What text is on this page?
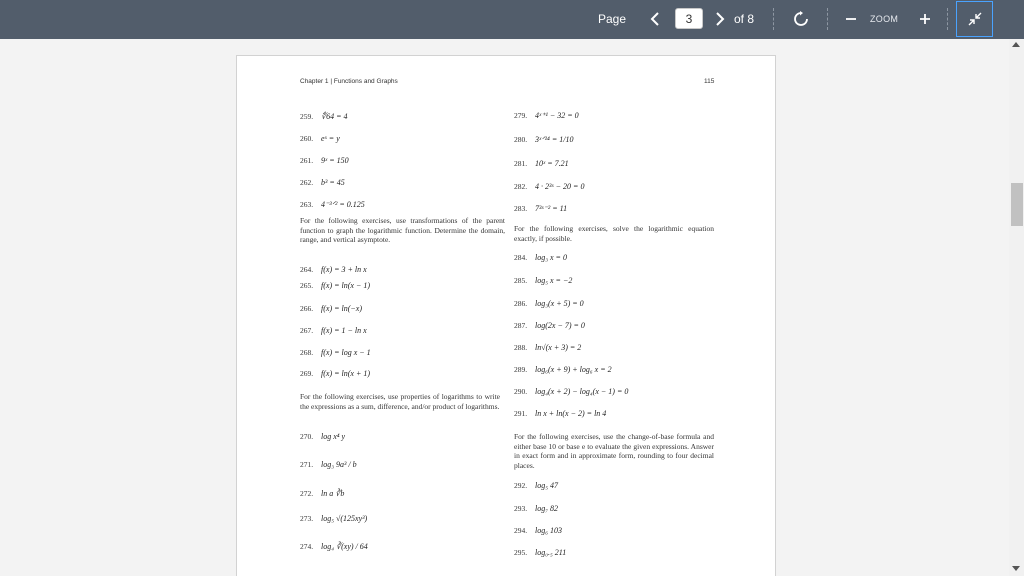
Page
3	of 8	ZOOM
Chapter 1 | Functions and Graphs	115
259. ∜64 = 4
260. eˣ = y
261. 9ˣ = 150
262. b³ = 45
263. 4⁻³ᐟ² = 0.125
For the following exercises, use transformations of the parent function to graph the logarithmic function. Determine the domain, range, and vertical asymptote.
264. f(x) = 3 + ln x
265. f(x) = ln(x − 1)
266. f(x) = ln(−x)
267. f(x) = 1 − ln x
268. f(x) = log x − 1
269. f(x) = ln(x + 1)
For the following exercises, use properties of logarithms to write the expressions as a sum, difference, and/or product of logarithms.
270. log x⁴ y
271. log₃ 9a³ / b
272. ln a ∛b
273. log₅ √(125xy³)
274. log₄ ∛(xy) / 64
279. 4ˣ⁺¹ − 32 = 0
280. 3ˣᐟ¹⁴ = 1/10
281. 10ˣ = 7.21
282. 4 · 2³ˣ − 20 = 0
283. 7³ˣ⁻² = 11
For the following exercises, solve the logarithmic equation exactly, if possible.
284. log₃ x = 0
285. log₅ x = −2
286. log₃(x + 5) = 0
287. log(2x − 7) = 0
288. ln√(x + 3) = 2
289. log₆(x + 9) + log₆ x = 2
290. log₄(x + 2) − log₄(x − 1) = 0
291. ln x + ln(x − 2) = ln 4
For the following exercises, use the change-of-base formula and either base 10 or base e to evaluate the given expressions. Answer in exact form and in approximate form, rounding to four decimal places.
292. log₅ 47
293. log₇ 82
294. log₆ 103
295. log₀.₅ 211
